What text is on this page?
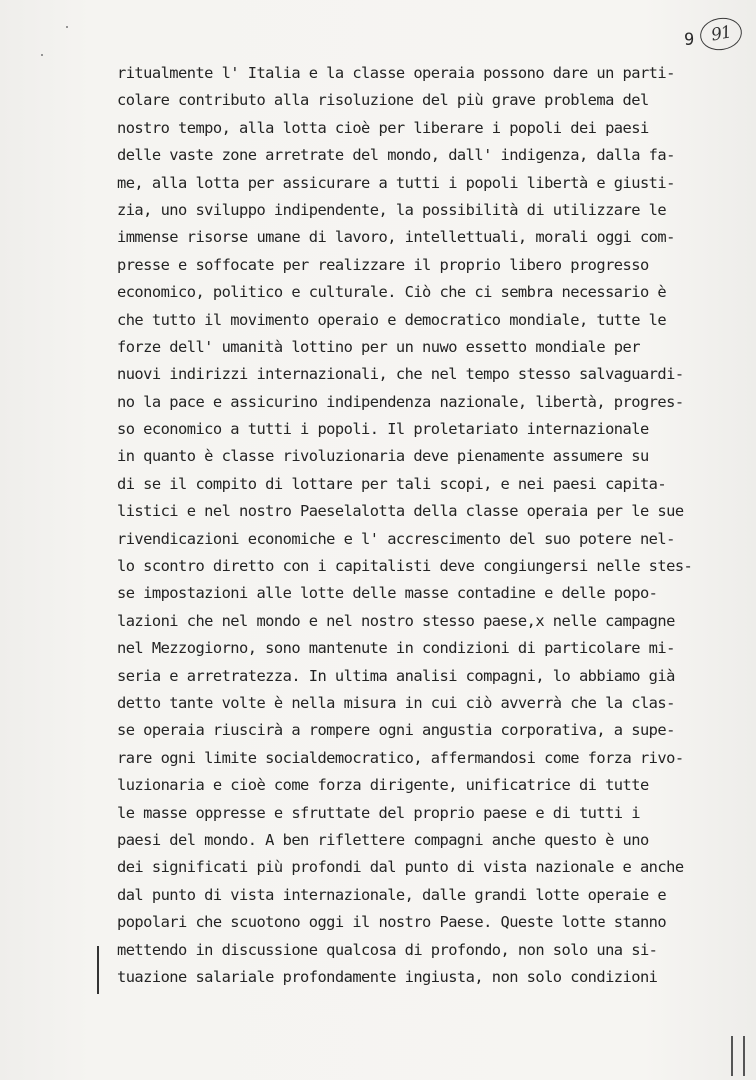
9 91
ritualmente l' Italia e la classe operaia possono dare un parti-
colare contributo alla risoluzione del più grave problema del
nostro tempo, alla lotta cioè per liberare i popoli dei paesi
delle vaste zone arretrate del mondo, dall' indigenza, dalla fa-
me, alla lotta per assicurare a tutti i popoli libertà e giusti-
zia, uno sviluppo indipendente, la possibilità di utilizzare le
immense risorse umane di lavoro, intellettuali, morali oggi com-
presse e soffocate per realizzare il proprio libero progresso
economico, politico e culturale. Ciò che ci sembra necessario è
che tutto il movimento operaio e democratico mondiale, tutte le
forze dell' umanità lottino per un nuwo essetto mondiale per
nuovi indirizzi internazionali, che nel tempo stesso salvaguardi-
no la pace e assicurino indipendenza nazionale, libertà, progres-
so economico a tutti i popoli. Il proletariato internazionale
in quanto è classe rivoluzionaria deve pienamente assumere su
di se il compito di lottare per tali scopi, e nei paesi capita-
listici e nel nostro Paeselalotta della classe operaia per le sue
rivendicazioni economiche e l' accrescimento del suo potere nel-
lo scontro diretto con i capitalisti deve congiungersi nelle stes-
se impostazioni alle lotte delle masse contadine e delle popo-
lazioni che nel mondo e nel nostro stesso paese,x nelle campagne
nel Mezzogiorno, sono mantenute in condizioni di particolare mi-
seria e arretratezza. In ultima analisi compagni, lo abbiamo già
detto tante volte è nella misura in cui ciò avverrà che la clas-
se operaia riuscirà a rompere ogni angustia corporativa, a supe-
rare ogni limite socialdemocratico, affermandosi come forza rivo-
luzionaria e cioè come forza dirigente, unificatrice di tutte
le masse oppresse e sfruttate del proprio paese e di tutti i
paesi del mondo. A ben riflettere compagni anche questo è uno
dei significati più profondi dal punto di vista nazionale e anche
dal punto di vista internazionale, dalle grandi lotte operaie e
popolari che scuotono oggi il nostro Paese. Queste lotte stanno
mettendo in discussione qualcosa di profondo, non solo una si-
tuazione salariale profondamente ingiusta, non solo condizioni
